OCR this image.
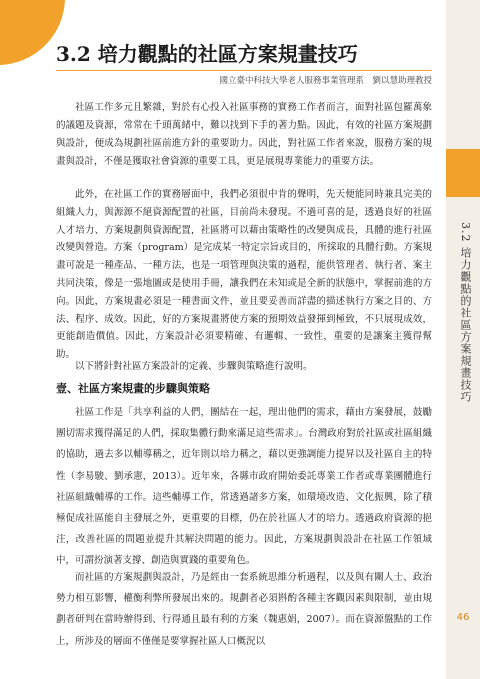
3.2 培力觀點的社區方案規畫技巧
3.2 培力觀點的社區方案規畫技巧
國立臺中科技大學老人服務事業管理系　劉以慧助理教授

社區工作多元且繁雜，對於有心投入社區事務的實務工作者而言，面對社區包羅萬象的議題及資源，常常在千頭萬緒中，難以找到下手的著力點。因此，有效的社區方案規劃與設計，便成為規劃社區前進方針的重要助力。因此，對社區工作者來說，服務方案的規畫與設計，不僅是獲取社會資源的重要工具，更是展現專業能力的重要方法。

此外，在社區工作的實務層面中，我們必須很中肯的聲明，先天便能同時兼具完美的組織人力，與源源不絕資源配置的社區，目前尚未發現。不過可喜的是，透過良好的社區人才培力、方案規劃與資源配置，社區將可以藉由策略性的改變與成長，具體的進行社區改變與營造。方案（program）是完成某一特定宗旨或目的，所採取的具體行動。方案規畫可說是一種產品、一種方法，也是一項管理與決策的過程，能供管理者、執行者、案主共同決策，像是一張地圖或是使用手冊，讓我們在未知或是全新的狀態中，掌握前進的方向。因此，方案規畫必須是一種書面文件，並且要妥善而詳盡的描述執行方案之目的、方法、程序、成效。因此，好的方案規畫將使方案的預期效益發揮到極致，不只展現成效，更能創造價值。因此，方案設計必須要精確、有邏輯、一致性，重要的是讓案主獲得幫助。

以下將針對社區方案設計的定義、步驟與策略進行說明。

壹、社區方案規畫的步驟與策略

社區工作是「共享利益的人們，團結在一起，理出他們的需求，藉由方案發展，鼓勵團切需求獲得滿足的人們，採取集體行動來滿足這些需求」。台灣政府對於社區或社區組織的協助，過去多以輔導稱之，近年則以培力稱之，藉以更強調能力提昇以及社區自主的特性（李易駿、劉承憲，2013）。近年來，各縣市政府開始委託專業工作者或專業團體進行社區組織輔導的工作。這些輔導工作，常透過諸多方案，如環境改造、文化振興，除了積極促成社區能自主發展之外，更重要的目標，仍在於社區人才的培力。透過政府資源的挹注，改善社區的問題並提升其解決問題的能力。因此，方案規劃與設計在社區工作領域中，可謂扮演著支撐、創造與實踐的重要角色。

而社區的方案規劃與設計，乃是經由一套系統思維分析過程，以及與有關人士、政治勢力相互影響，權衡利弊所發展出來的。規劃者必須斟酌各種主客觀因素與限制，並由規劃者研判在當時辦得到、行得通且最有利的方案（魏惠娟，2007）。而在資源盤點的工作上，所涉及的層面不僅僅是要掌握社區人口概況以

46
